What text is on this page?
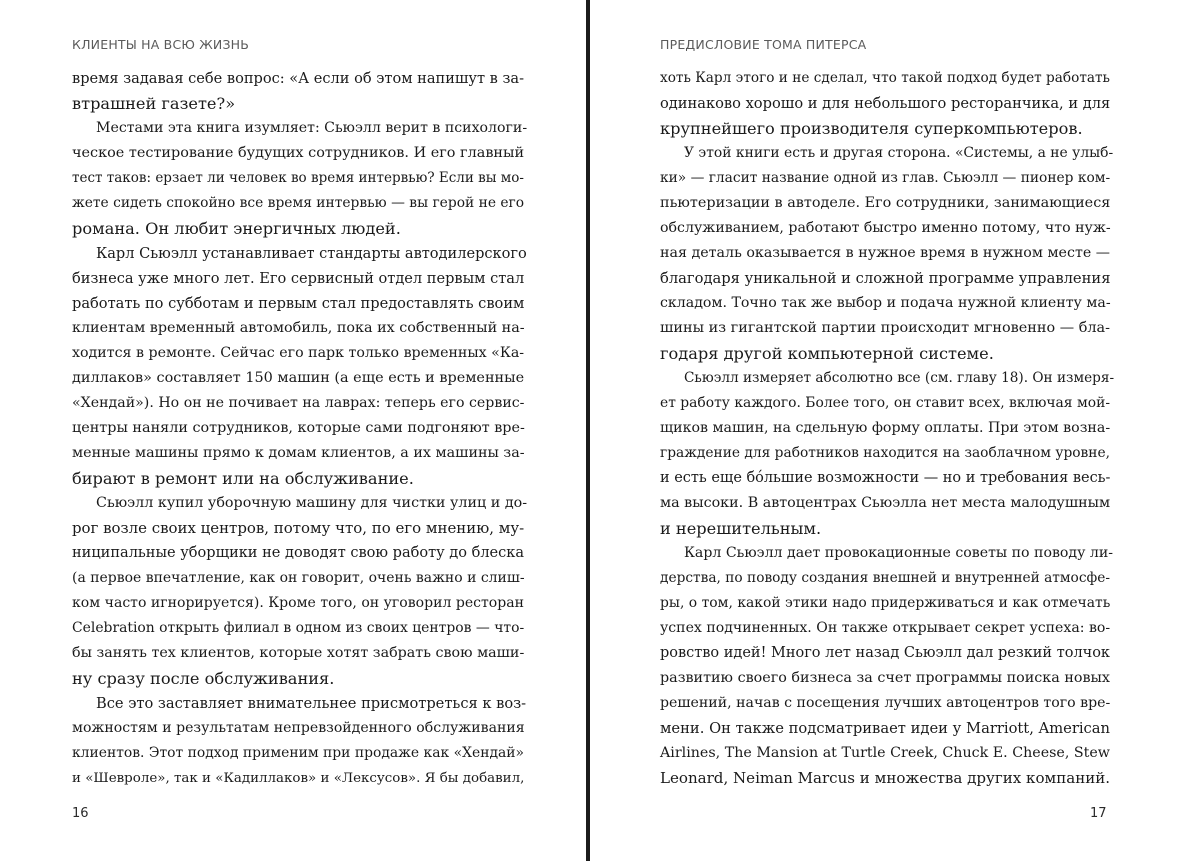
КЛИЕНТЫ НА ВСЮ ЖИЗНЬ
время задавая себе вопрос: «А если об этом напишут в за-
втрашней газете?»
Местами эта книга изумляет: Сьюэлл верит в психологи-
ческое тестирование будущих сотрудников. И его главный
тест таков: ерзает ли человек во время интервью? Если вы мо-
жете сидеть спокойно все время интервью — вы герой не его
романа. Он любит энергичных людей.
Карл Сьюэлл устанавливает стандарты автодилерского
бизнеса уже много лет. Его сервисный отдел первым стал
работать по субботам и первым стал предоставлять своим
клиентам временный автомобиль, пока их собственный на-
ходится в ремонте. Сейчас его парк только временных «Ка-
диллаков» составляет 150 машин (а еще есть и временные
«Хендай»). Но он не почивает на лаврах: теперь его сервис-
центры наняли сотрудников, которые сами подгоняют вре-
менные машины прямо к домам клиентов, а их машины за-
бирают в ремонт или на обслуживание.
Сьюэлл купил уборочную машину для чистки улиц и до-
рог возле своих центров, потому что, по его мнению, му-
ниципальные уборщики не доводят свою работу до блеска
(а первое впечатление, как он говорит, очень важно и слиш-
ком часто игнорируется). Кроме того, он уговорил ресторан
Celebration открыть филиал в одном из своих центров — что-
бы занять тех клиентов, которые хотят забрать свою маши-
ну сразу после обслуживания.
Все это заставляет внимательнее присмотреться к воз-
можностям и результатам непревзойденного обслуживания
клиентов. Этот подход применим при продаже как «Хендай»
и «Шевроле», так и «Кадиллаков» и «Лексусов». Я бы добавил,
16
ПРЕДИСЛОВИЕ ТОМА ПИТЕРСА
хоть Карл этого и не сделал, что такой подход будет работать
одинаково хорошо и для небольшого ресторанчика, и для
крупнейшего производителя суперкомпьютеров.
У этой книги есть и другая сторона. «Системы, а не улыб-
ки» — гласит название одной из глав. Сьюэлл — пионер ком-
пьютеризации в автоделе. Его сотрудники, занимающиеся
обслуживанием, работают быстро именно потому, что нуж-
ная деталь оказывается в нужное время в нужном месте —
благодаря уникальной и сложной программе управления
складом. Точно так же выбор и подача нужной клиенту ма-
шины из гигантской партии происходит мгновенно — бла-
годаря другой компьютерной системе.
Сьюэлл измеряет абсолютно все (см. главу 18). Он измеря-
ет работу каждого. Более того, он ставит всех, включая мой-
щиков машин, на сдельную форму оплаты. При этом возна-
граждение для работников находится на заоблачном уровне,
и есть еще бóльшие возможности — но и требования весь-
ма высоки. В автоцентрах Сьюэлла нет места малодушным
и нерешительным.
Карл Сьюэлл дает провокационные советы по поводу ли-
дерства, по поводу создания внешней и внутренней атмосфе-
ры, о том, какой этики надо придерживаться и как отмечать
успех подчиненных. Он также открывает секрет успеха: во-
ровство идей! Много лет назад Сьюэлл дал резкий толчок
развитию своего бизнеса за счет программы поиска новых
решений, начав с посещения лучших автоцентров того вре-
мени. Он также подсматривает идеи у Marriott, American
Airlines, The Mansion at Turtle Creek, Chuck E. Cheese, Stew
Leonard, Neiman Marcus и множества других компаний.
17
